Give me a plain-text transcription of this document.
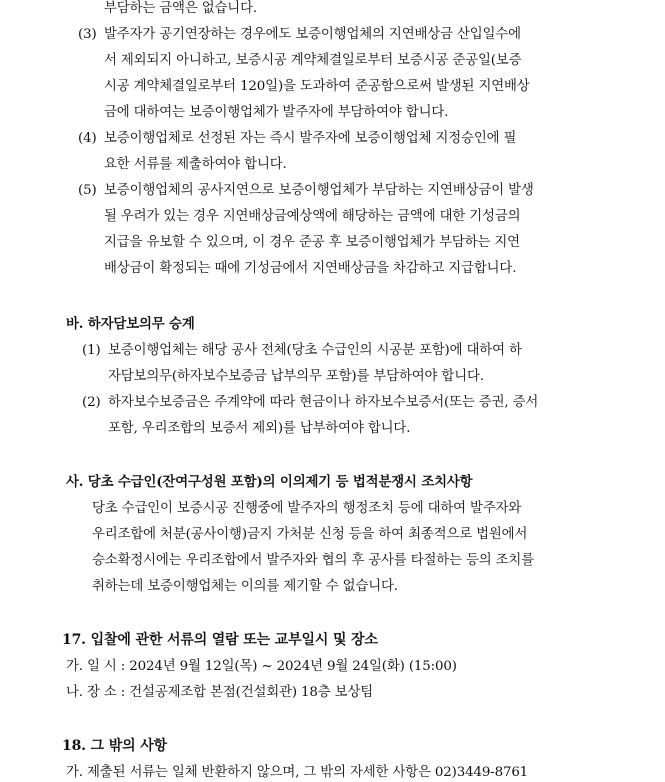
부담하는 금액은 없습니다.
(3) 발주자가 공기연장하는 경우에도 보증이행업체의 지연배상금 산입일수에
서 제외되지 아니하고, 보증시공 계약체결일로부터 보증시공 준공일(보증
시공 계약체결일로부터 120일)을 도과하여 준공함으로써 발생된 지연배상
금에 대하여는 보증이행업체가 발주자에 부담하여야 합니다.
(4) 보증이행업체로 선정된 자는 즉시 발주자에 보증이행업체 지정승인에 필
요한 서류를 제출하여야 합니다.
(5) 보증이행업체의 공사지연으로 보증이행업체가 부담하는 지연배상금이 발생
될 우려가 있는 경우 지연배상금예상액에 해당하는 금액에 대한 기성금의
지급을 유보할 수 있으며, 이 경우 준공 후 보증이행업체가 부담하는 지연
배상금이 확정되는 때에 기성금에서 지연배상금을 차감하고 지급합니다.
바. 하자담보의무 승계
(1) 보증이행업체는 해당 공사 전체(당초 수급인의 시공분 포함)에 대하여 하
자담보의무(하자보수보증금 납부의무 포함)를 부담하여야 합니다.
(2) 하자보수보증금은 주계약에 따라 현금이나 하자보수보증서(또는 증권, 증서
포함, 우리조합의 보증서 제외)를 납부하여야 합니다.
사. 당초 수급인(잔여구성원 포함)의 이의제기 등 법적분쟁시 조치사항
당초 수급인이 보증시공 진행중에 발주자의 행정조치 등에 대하여 발주자와
우리조합에 처분(공사이행)금지 가처분 신청 등을 하여 최종적으로 법원에서
승소확정시에는 우리조합에서 발주자와 협의 후 공사를 타절하는 등의 조치를
취하는데 보증이행업체는 이의를 제기할 수 없습니다.
17. 입찰에 관한 서류의 열람 또는 교부일시 및 장소
가. 일 시 : 2024년 9월 12일(목) ~ 2024년 9월 24일(화) (15:00)
나. 장 소 : 건설공제조합 본점(건설회관) 18층 보상팀
18. 그 밖의 사항
가. 제출된 서류는 일체 반환하지 않으며, 그 밖의 자세한 사항은 02)3449-8761
